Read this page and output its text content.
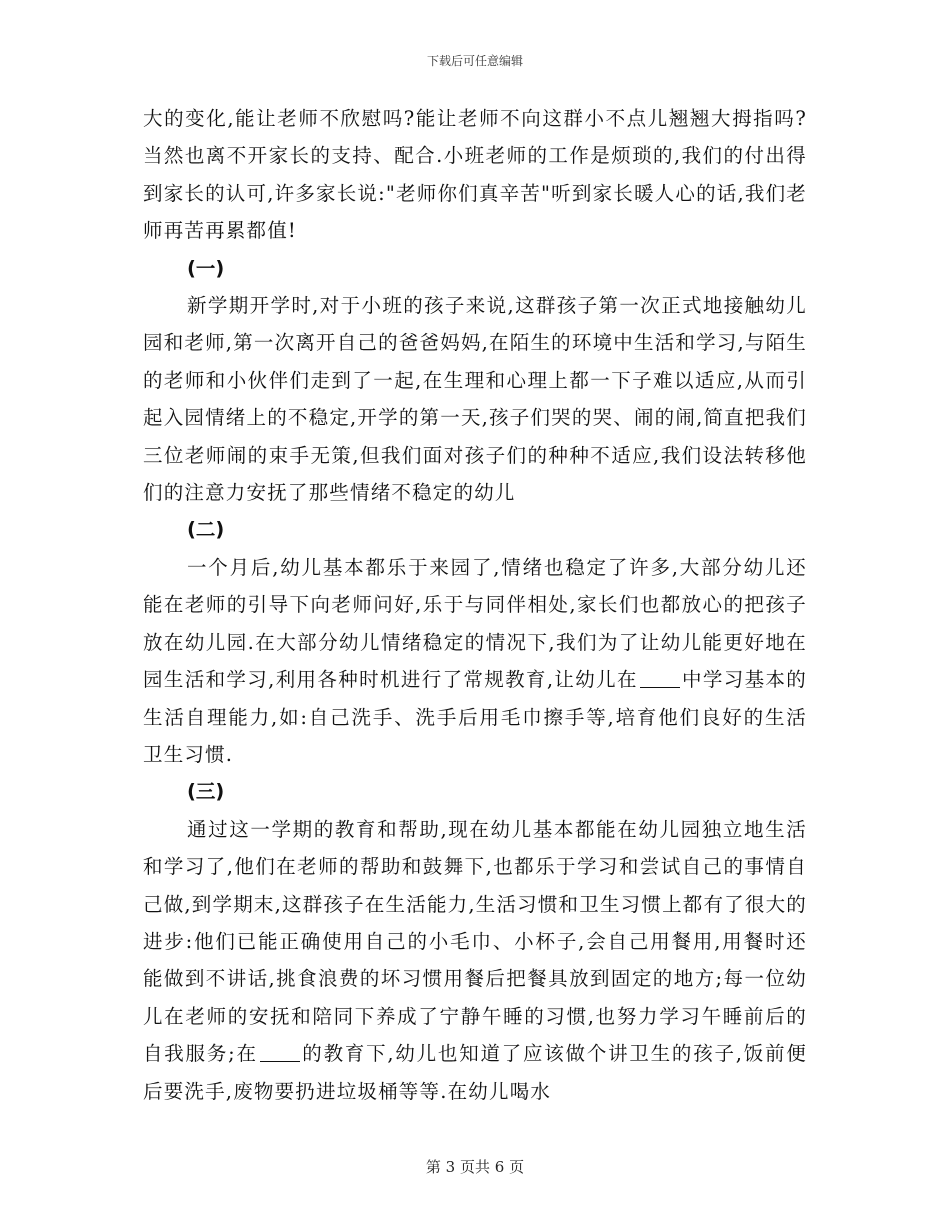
下载后可任意编辑

大的变化,能让老师不欣慰吗?能让老师不向这群小不点儿翘翘大拇指吗?当然也离不开家长的支持、配合.小班老师的工作是烦琐的,我们的付出得到家长的认可,许多家长说:"老师你们真辛苦"听到家长暖人心的话,我们老师再苦再累都值!

(一)

新学期开学时,对于小班的孩子来说,这群孩子第一次正式地接触幼儿园和老师,第一次离开自己的爸爸妈妈,在陌生的环境中生活和学习,与陌生的老师和小伙伴们走到了一起,在生理和心理上都一下子难以适应,从而引起入园情绪上的不稳定,开学的第一天,孩子们哭的哭、闹的闹,简直把我们三位老师闹的束手无策,但我们面对孩子们的种种不适应,我们设法转移他们的注意力安抚了那些情绪不稳定的幼儿

(二)

一个月后,幼儿基本都乐于来园了,情绪也稳定了许多,大部分幼儿还能在老师的引导下向老师问好,乐于与同伴相处,家长们也都放心的把孩子放在幼儿园.在大部分幼儿情绪稳定的情况下,我们为了让幼儿能更好地在园生活和学习,利用各种时机进行了常规教育,让幼儿在 中学习基本的生活自理能力,如:自己洗手、洗手后用毛巾擦手等,培育他们良好的生活卫生习惯.

(三)

通过这一学期的教育和帮助,现在幼儿基本都能在幼儿园独立地生活和学习了,他们在老师的帮助和鼓舞下,也都乐于学习和尝试自己的事情自己做,到学期末,这群孩子在生活能力,生活习惯和卫生习惯上都有了很大的进步:他们已能正确使用自己的小毛巾、小杯子,会自己用餐用,用餐时还能做到不讲话,挑食浪费的坏习惯用餐后把餐具放到固定的地方;每一位幼儿在老师的安抚和陪同下养成了宁静午睡的习惯,也努力学习午睡前后的自我服务;在 的教育下,幼儿也知道了应该做个讲卫生的孩子,饭前便后要洗手,废物要扔进垃圾桶等等.在幼儿喝水

第 3 页共 6 页
